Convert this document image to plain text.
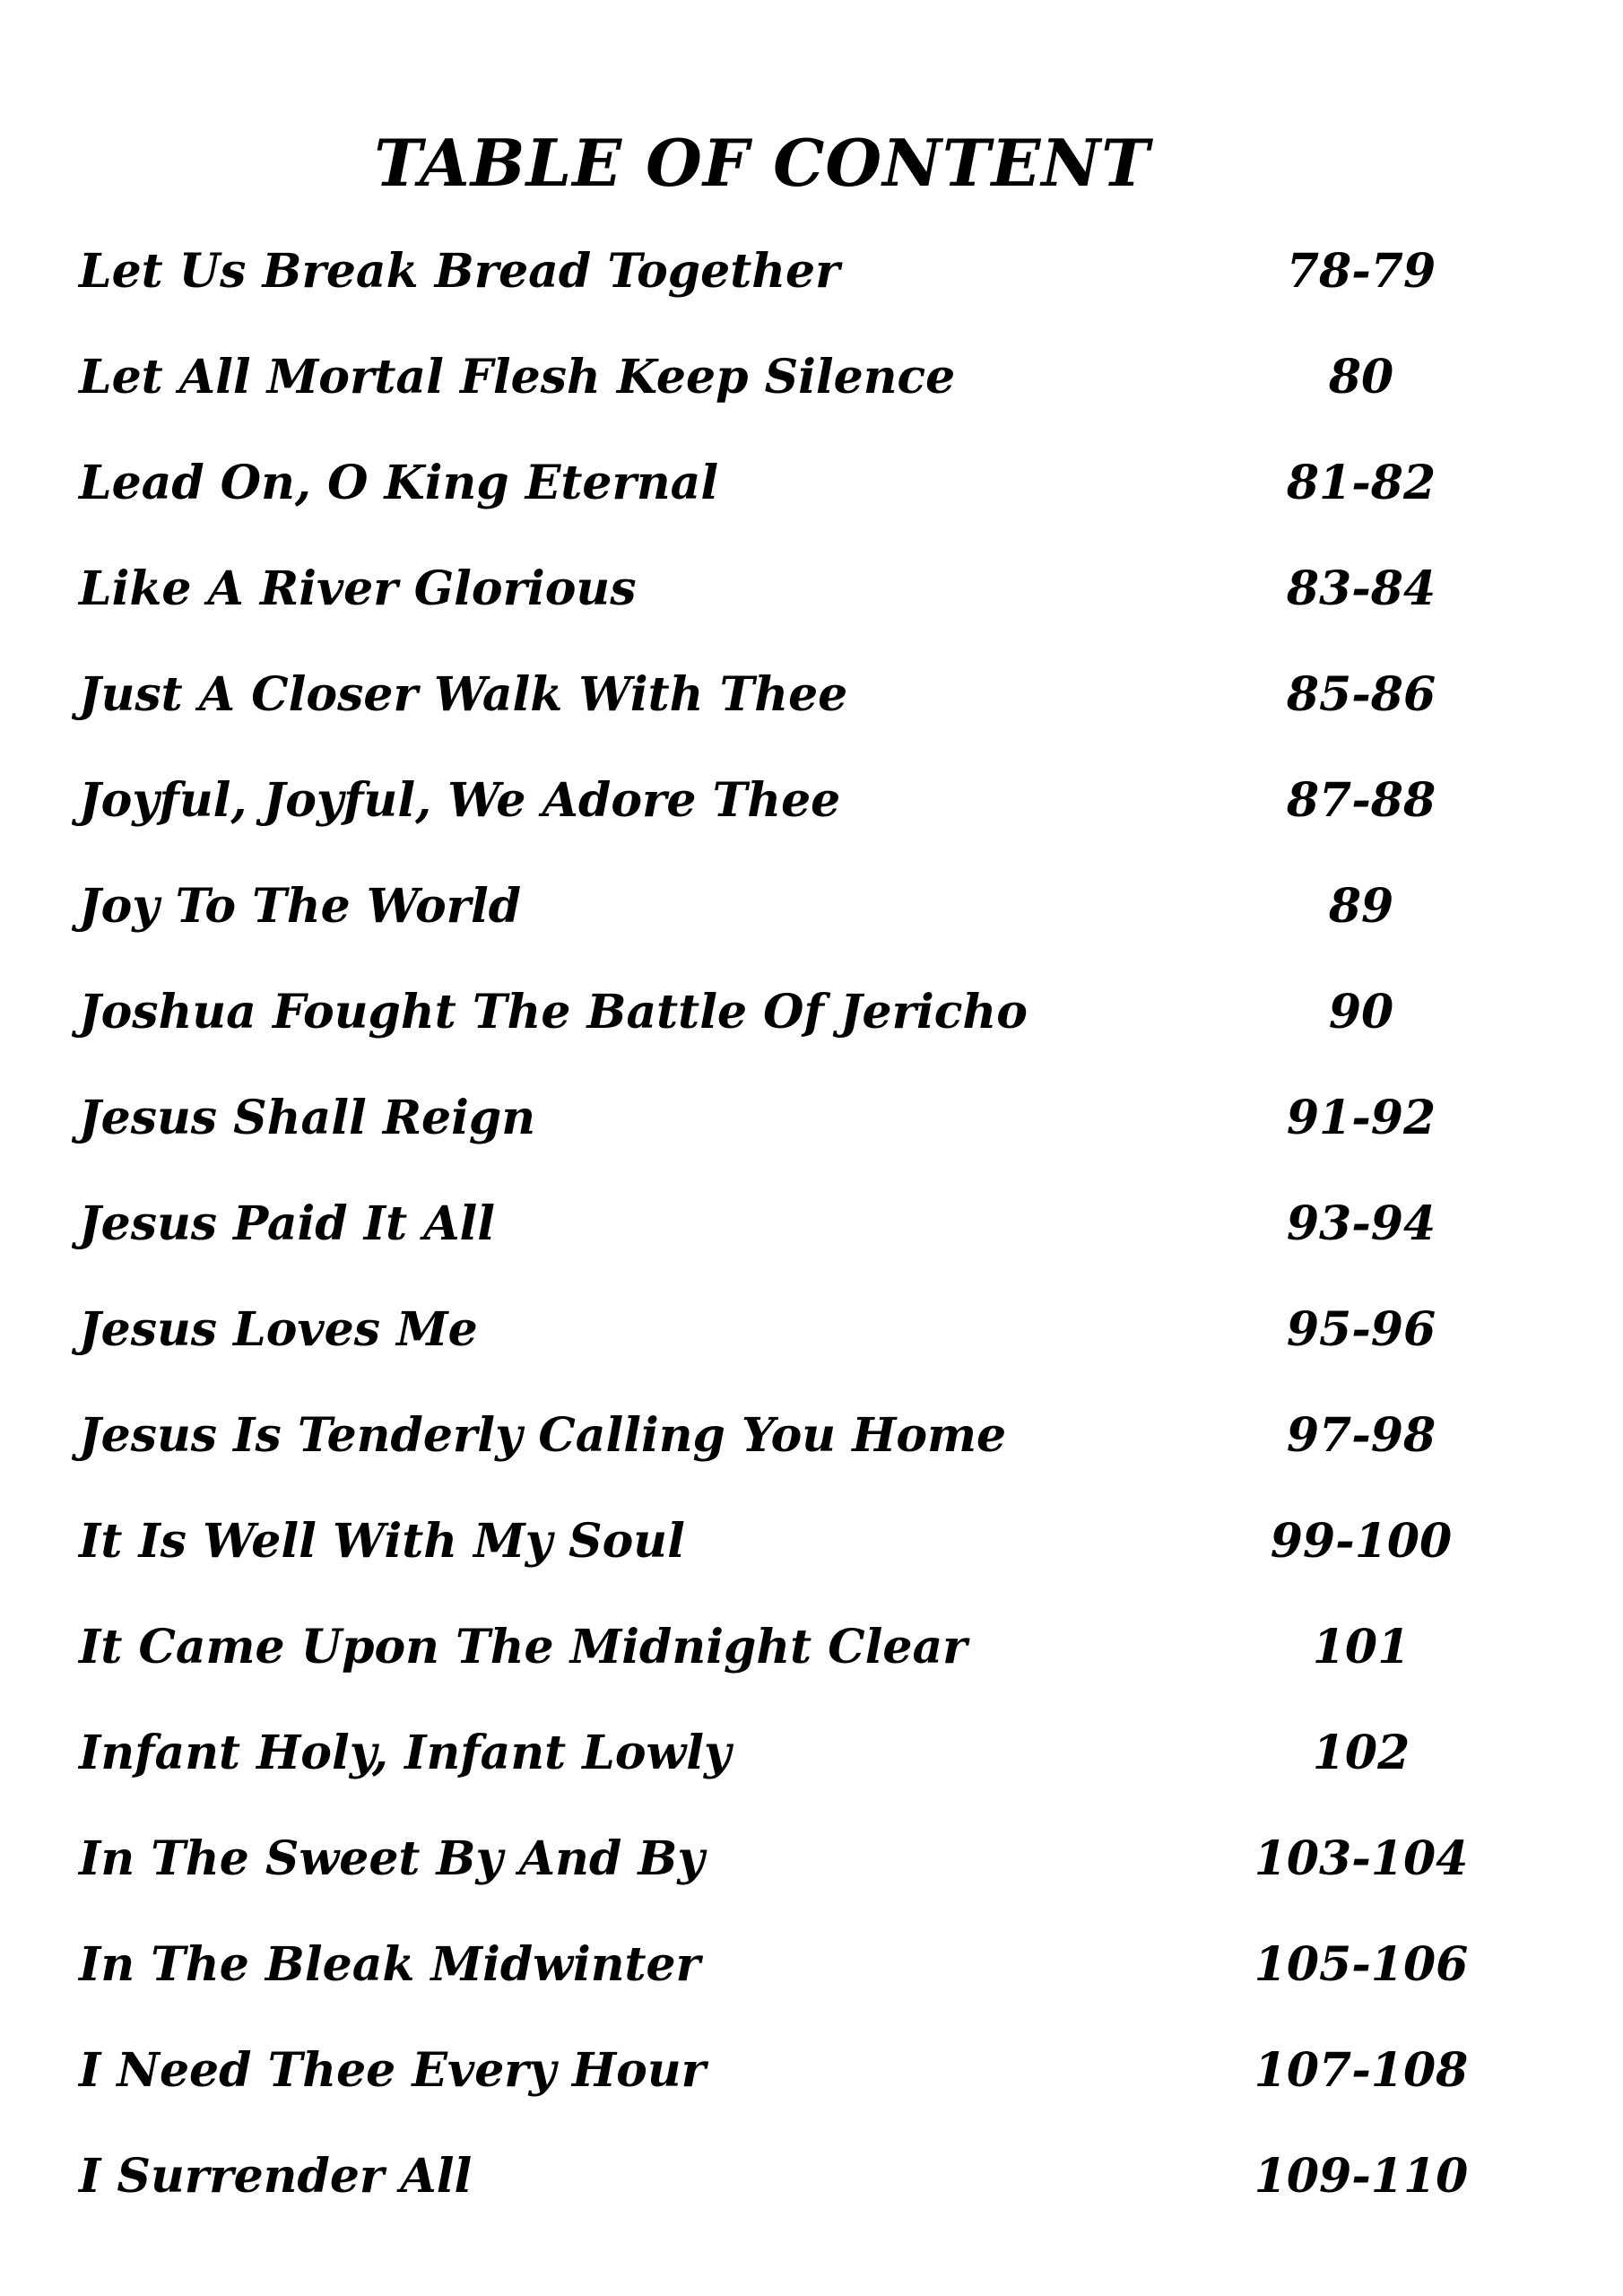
TABLE OF CONTENT
Let Us Break Bread Together	78-79
Let All Mortal Flesh Keep Silence	80
Lead On, O King Eternal	81-82
Like A River Glorious	83-84
Just A Closer Walk With Thee	85-86
Joyful, Joyful, We Adore Thee	87-88
Joy To The World	89
Joshua Fought The Battle Of Jericho	90
Jesus Shall Reign	91-92
Jesus Paid It All	93-94
Jesus Loves Me	95-96
Jesus Is Tenderly Calling You Home	97-98
It Is Well With My Soul	99-100
It Came Upon The Midnight Clear	101
Infant Holy, Infant Lowly	102
In The Sweet By And By	103-104
In The Bleak Midwinter	105-106
I Need Thee Every Hour	107-108
I Surrender All	109-110
